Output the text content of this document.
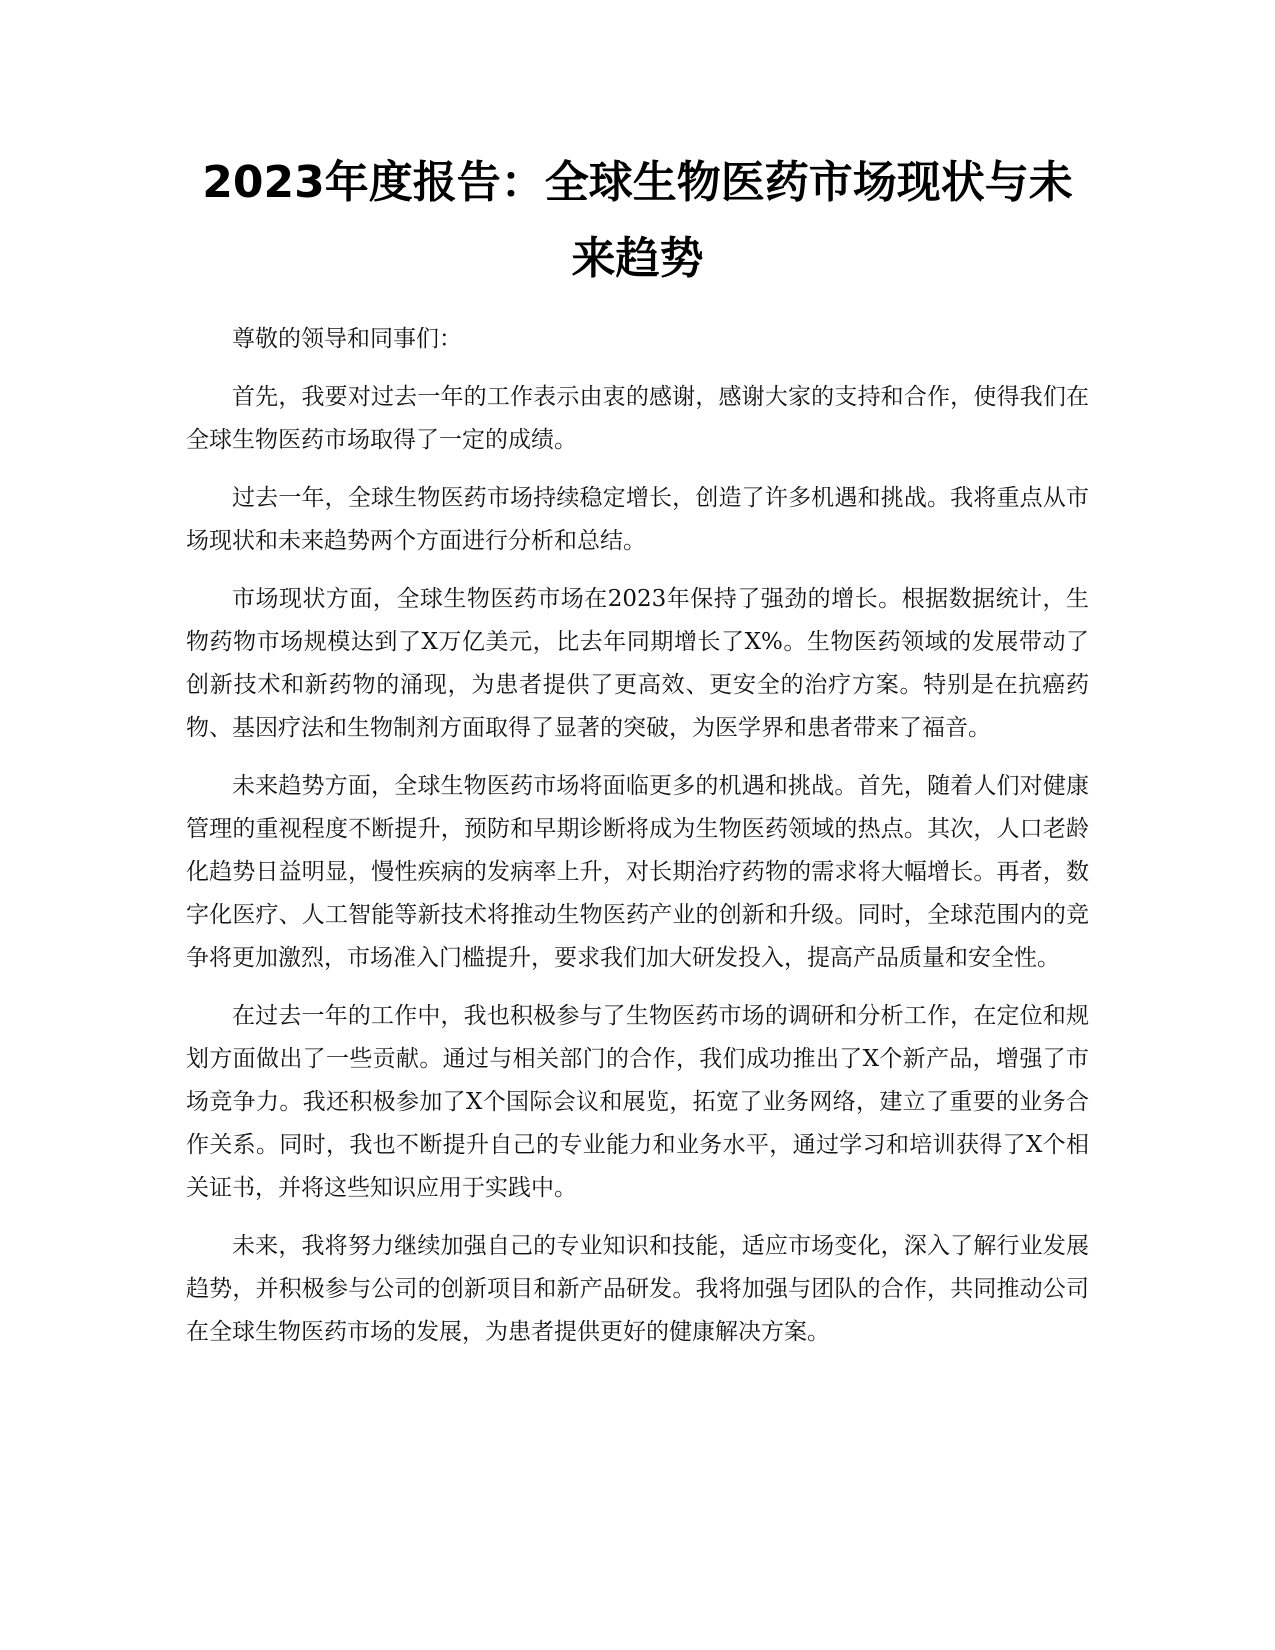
2023年度报告：全球生物医药市场现状与未来趋势

尊敬的领导和同事们：

首先，我要对过去一年的工作表示由衷的感谢，感谢大家的支持和合作，使得我们在全球生物医药市场取得了一定的成绩。

过去一年，全球生物医药市场持续稳定增长，创造了许多机遇和挑战。我将重点从市场现状和未来趋势两个方面进行分析和总结。

市场现状方面，全球生物医药市场在2023年保持了强劲的增长。根据数据统计，生物药物市场规模达到了X万亿美元，比去年同期增长了X%。生物医药领域的发展带动了创新技术和新药物的涌现，为患者提供了更高效、更安全的治疗方案。特别是在抗癌药物、基因疗法和生物制剂方面取得了显著的突破，为医学界和患者带来了福音。

未来趋势方面，全球生物医药市场将面临更多的机遇和挑战。首先，随着人们对健康管理的重视程度不断提升，预防和早期诊断将成为生物医药领域的热点。其次，人口老龄化趋势日益明显，慢性疾病的发病率上升，对长期治疗药物的需求将大幅增长。再者，数字化医疗、人工智能等新技术将推动生物医药产业的创新和升级。同时，全球范围内的竞争将更加激烈，市场准入门槛提升，要求我们加大研发投入，提高产品质量和安全性。

在过去一年的工作中，我也积极参与了生物医药市场的调研和分析工作，在定位和规划方面做出了一些贡献。通过与相关部门的合作，我们成功推出了X个新产品，增强了市场竞争力。我还积极参加了X个国际会议和展览，拓宽了业务网络，建立了重要的业务合作关系。同时，我也不断提升自己的专业能力和业务水平，通过学习和培训获得了X个相关证书，并将这些知识应用于实践中。

未来，我将努力继续加强自己的专业知识和技能，适应市场变化，深入了解行业发展趋势，并积极参与公司的创新项目和新产品研发。我将加强与团队的合作，共同推动公司在全球生物医药市场的发展，为患者提供更好的健康解决方案。
